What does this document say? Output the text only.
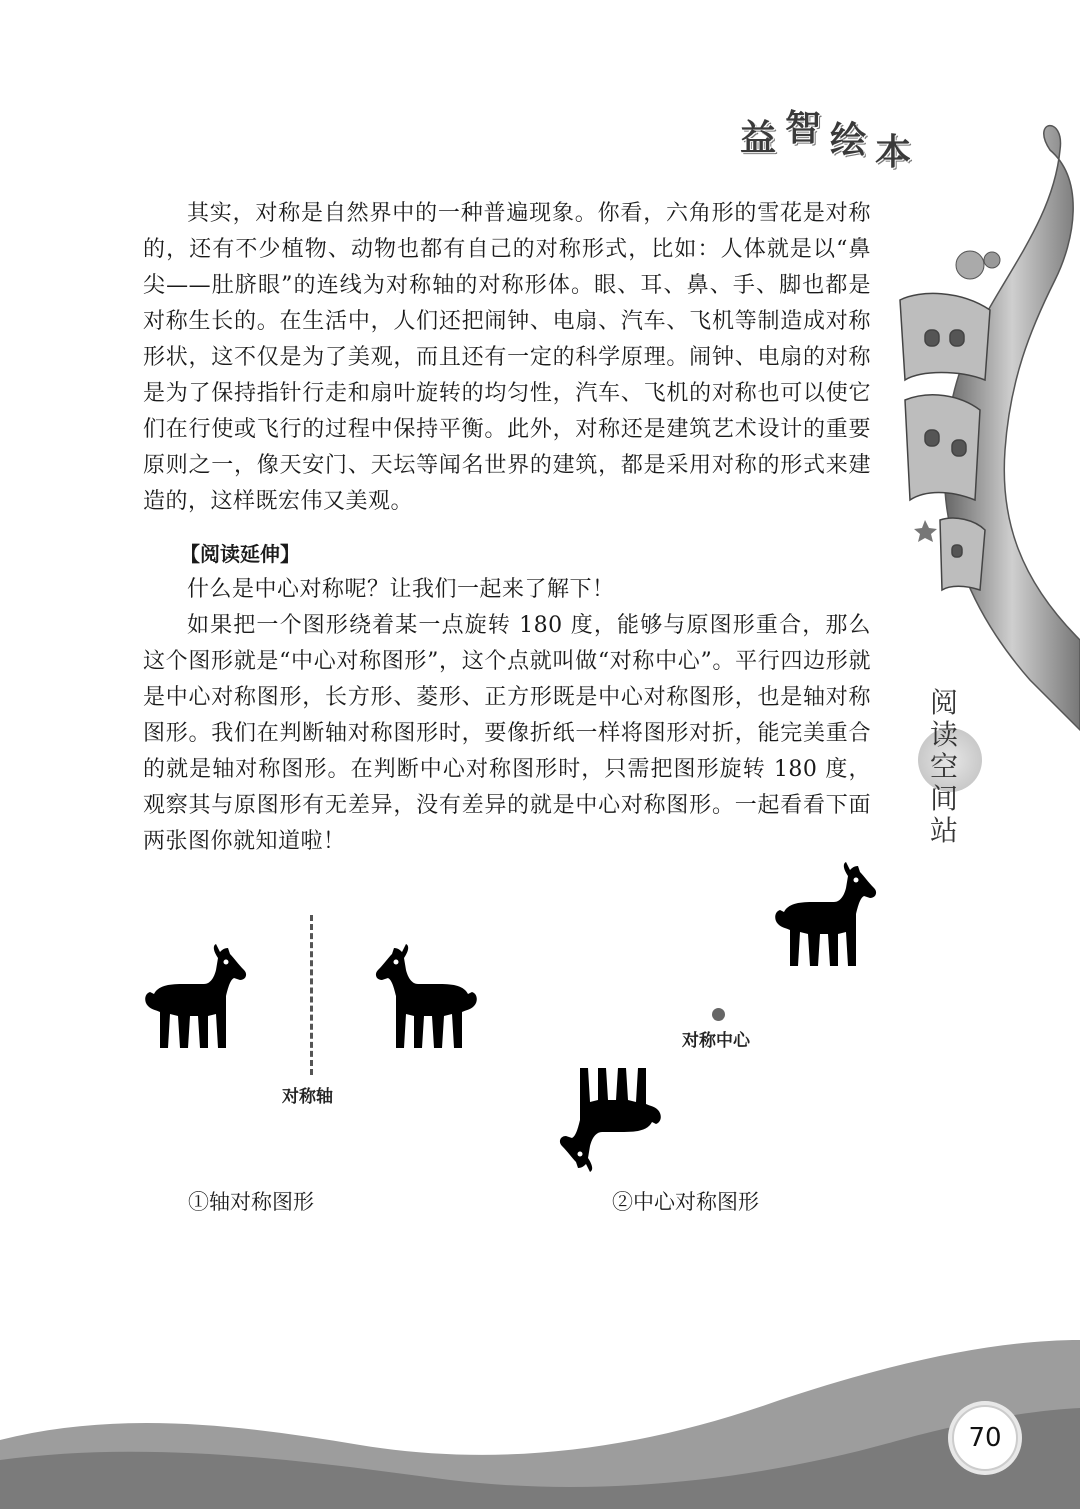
益 智 绘 本
阅
读
空
间
站

其实，对称是自然界中的一种普遍现象。你看，六角形的雪花是对称的，还有不少植物、动物也都有自己的对称形式，比如：人体就是以“鼻尖——肚脐眼”的连线为对称轴的对称形体。眼、耳、鼻、手、脚也都是对称生长的。在生活中，人们还把闹钟、电扇、汽车、飞机等制造成对称形状，这不仅是为了美观，而且还有一定的科学原理。闹钟、电扇的对称是为了保持指针行走和扇叶旋转的均匀性，汽车、飞机的对称也可以使它们在行使或飞行的过程中保持平衡。此外，对称还是建筑艺术设计的重要原则之一，像天安门、天坛等闻名世界的建筑，都是采用对称的形式来建造的，这样既宏伟又美观。

【阅读延伸】

什么是中心对称呢？让我们一起来了解下！

如果把一个图形绕着某一点旋转 180 度，能够与原图形重合，那么这个图形就是“中心对称图形”，这个点就叫做“对称中心”。平行四边形就是中心对称图形，长方形、菱形、正方形既是中心对称图形，也是轴对称图形。我们在判断轴对称图形时，要像折纸一样将图形对折，能完美重合的就是轴对称图形。在判断中心对称图形时，只需把图形旋转 180 度，观察其与原图形有无差异，没有差异的就是中心对称图形。一起看看下面两张图你就知道啦！

对称轴
对称中心
①轴对称图形	②中心对称图形
70
